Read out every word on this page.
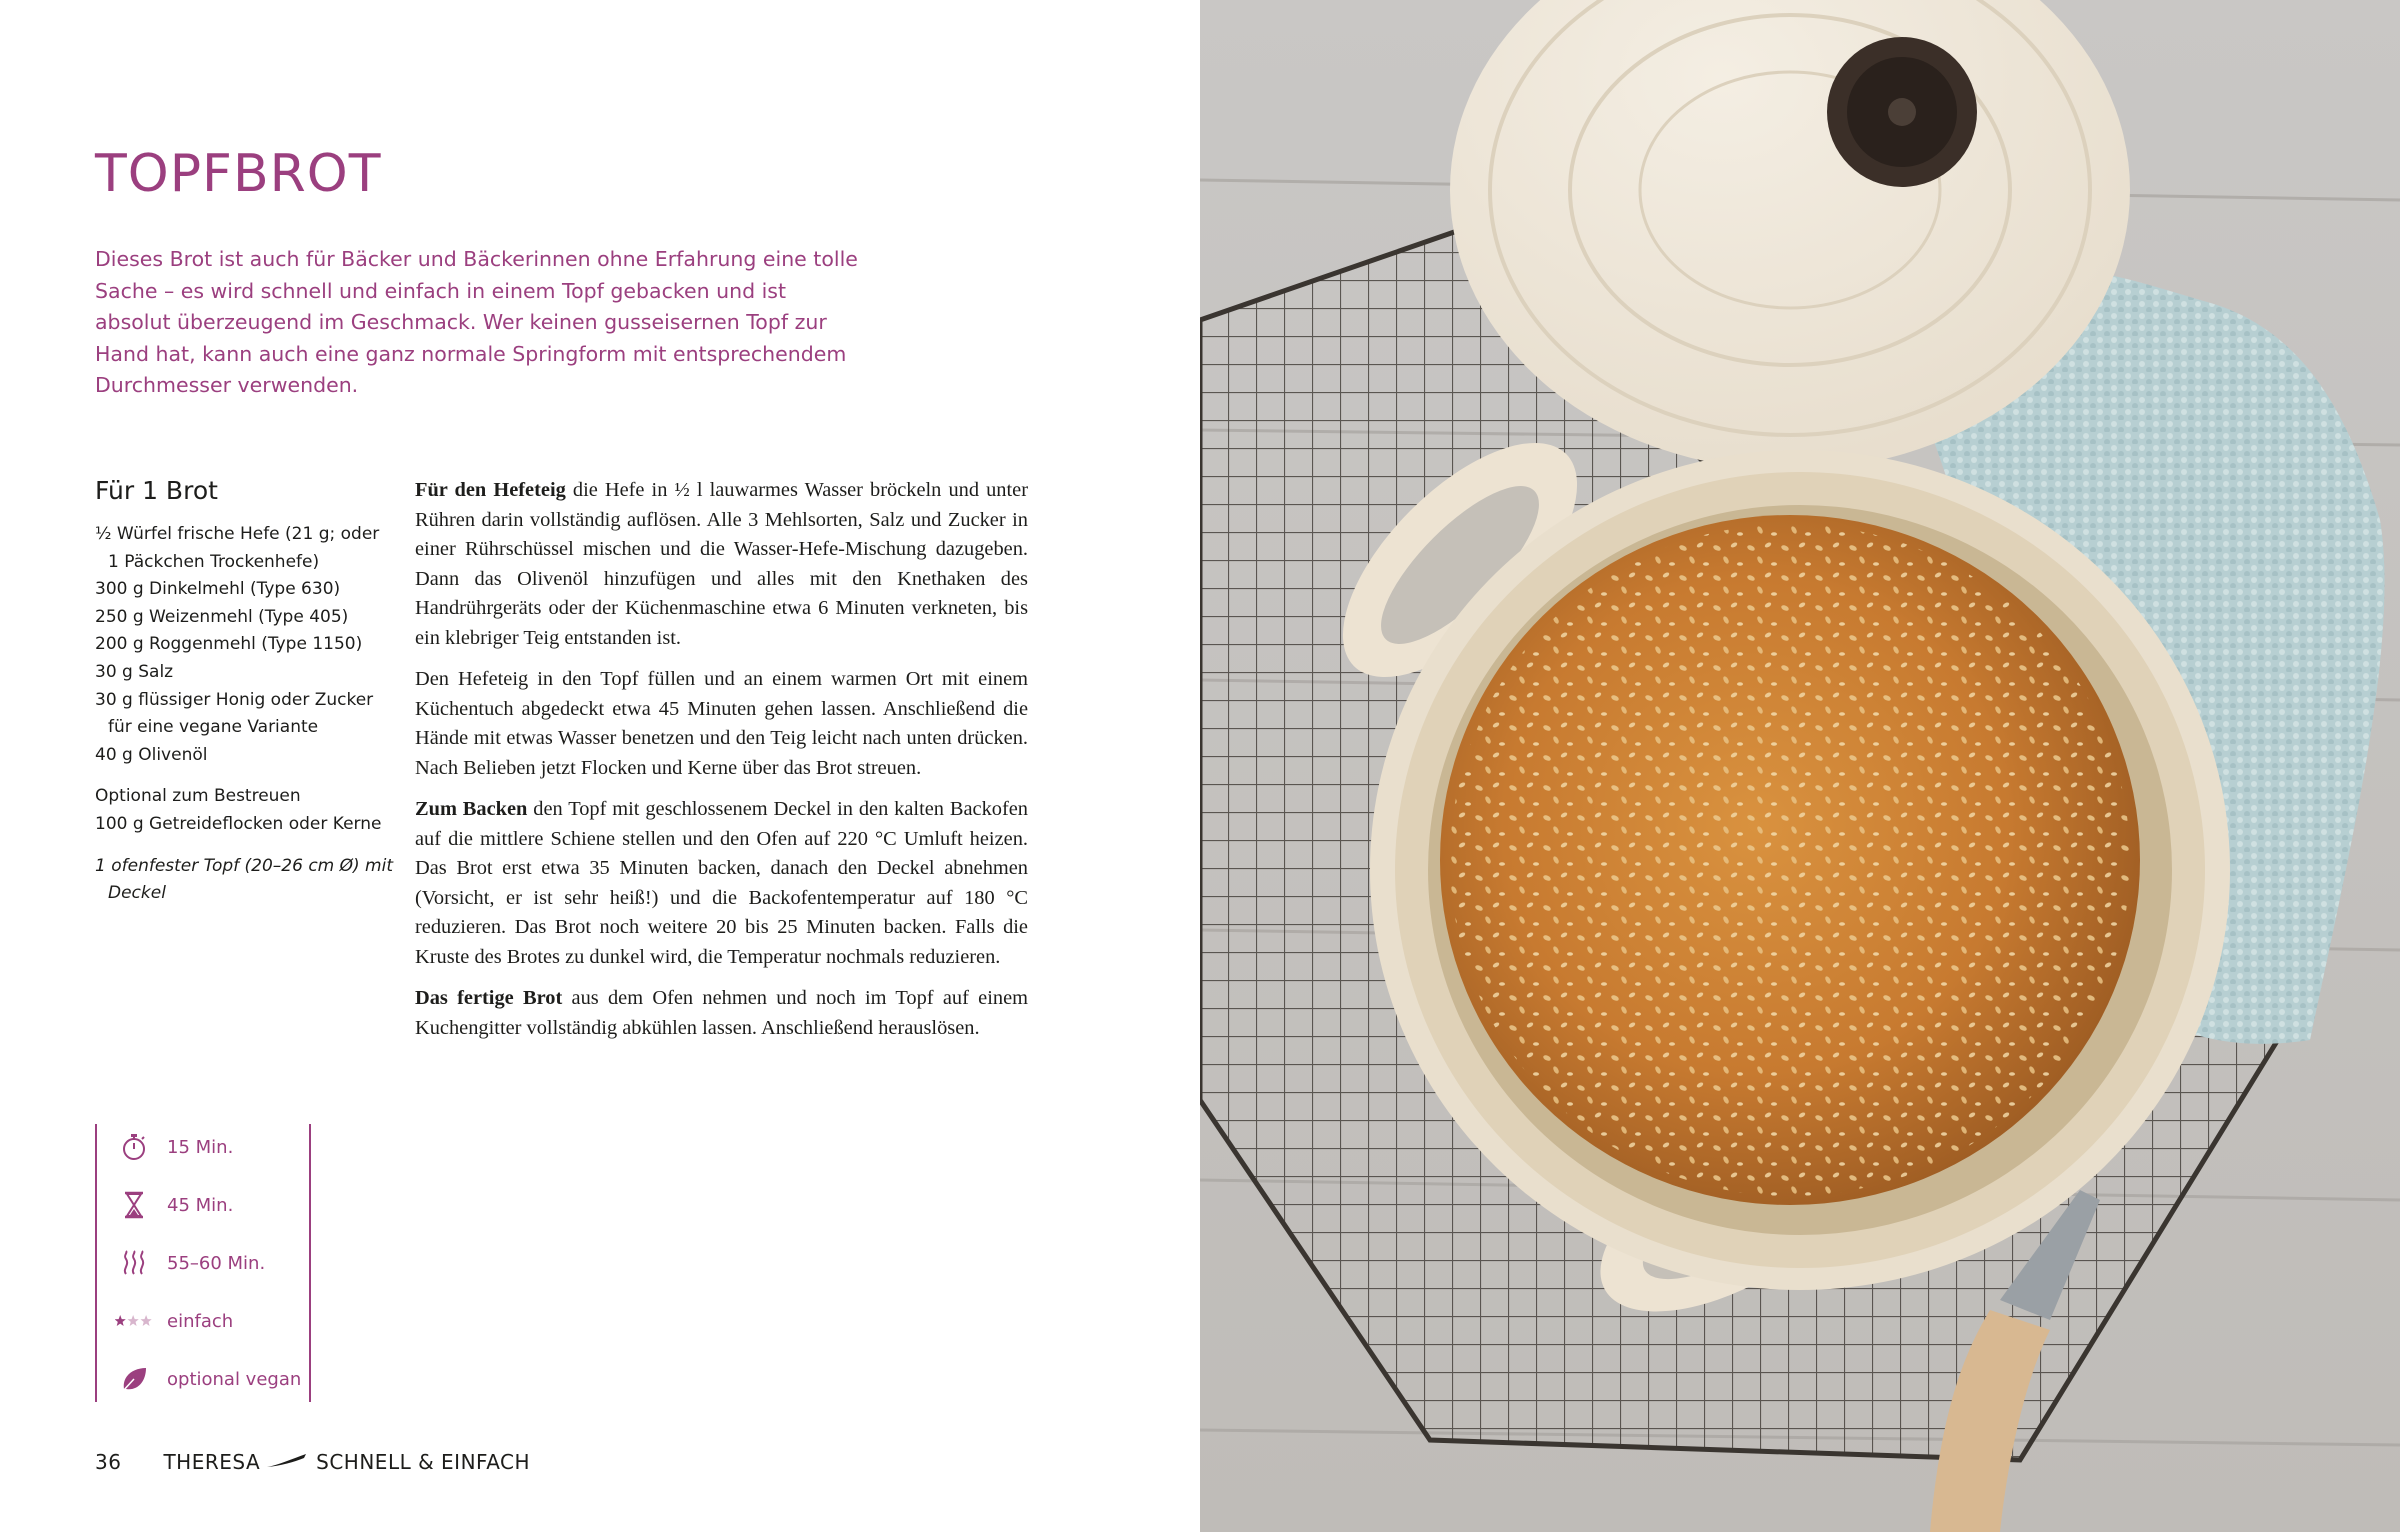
TOPFBROT

Dieses Brot ist auch für Bäcker und Bäckerinnen ohne Erfahrung eine tolle
Sache – es wird schnell und einfach in einem Topf gebacken und ist
absolut überzeugend im Geschmack. Wer keinen gusseisernen Topf zur
Hand hat, kann auch eine ganz normale Springform mit entsprechendem
Durchmesser verwenden.

Für 1 Brot
½ Würfel frische Hefe (21 g; oder 1 Päckchen Trockenhefe)
300 g Dinkelmehl (Type 630)
250 g Weizenmehl (Type 405)
200 g Roggenmehl (Type 1150)
30 g Salz
30 g flüssiger Honig oder Zucker für eine vegane Variante
40 g Olivenöl
Optional zum Bestreuen
100 g Getreideflocken oder Kerne
1 ofenfester Topf (20–26 cm Ø) mit Deckel

Für den Hefeteig die Hefe in ½ l lauwarmes Wasser bröckeln und unter Rühren darin vollständig auflösen. Alle 3 Mehlsorten, Salz und Zucker in einer Rührschüssel mischen und die Wasser-Hefe-Mischung dazugeben. Dann das Olivenöl hinzufügen und alles mit den Knethaken des Handrührgeräts oder der Küchenmaschine etwa 6 Minuten verkneten, bis ein klebriger Teig entstanden ist.

Den Hefeteig in den Topf füllen und an einem warmen Ort mit einem Küchentuch abgedeckt etwa 45 Minuten gehen lassen. Anschließend die Hände mit etwas Wasser benetzen und den Teig leicht nach unten drücken. Nach Belieben jetzt Flocken und Kerne über das Brot streuen.

Zum Backen den Topf mit geschlossenem Deckel in den kalten Backofen auf die mittlere Schiene stellen und den Ofen auf 220 °C Umluft heizen. Das Brot erst etwa 35 Minuten backen, danach den Deckel abnehmen (Vorsicht, er ist sehr heiß!) und die Backofentemperatur auf 180 °C reduzieren. Das Brot noch weitere 20 bis 25 Minuten backen. Falls die Kruste des Brotes zu dunkel wird, die Temperatur nochmals reduzieren.

Das fertige Brot aus dem Ofen nehmen und noch im Topf auf einem Kuchengitter vollständig abkühlen lassen. Anschließend herauslösen.

15 Min.
45 Min.
55–60 Min.
einfach
optional vegan
36 THERESA	SCHNELL & EINFACH
